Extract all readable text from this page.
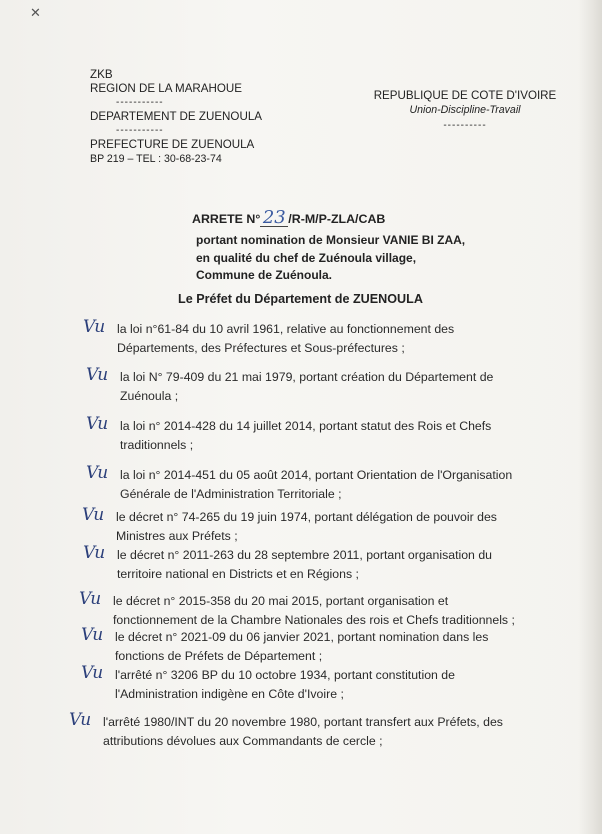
✕
ZKB
REGION DE LA MARAHOUE
-----------
DEPARTEMENT DE ZUENOULA
-----------
PREFECTURE DE ZUENOULA
BP 219 – TEL : 30-68-23-74
REPUBLIQUE DE COTE D'IVOIRE
Union-Discipline-Travail
----------
ARRETE N° 23 /R-M/P-ZLA/CAB
portant nomination de Monsieur VANIE BI ZAA,
en qualité du chef de Zuénoula village,
Commune de Zuénoula.
Le Préfet du Département de ZUENOULA
Vu la loi n°61-84 du 10 avril 1961, relative au fonctionnement des
Départements, des Préfectures et Sous-préfectures ;
Vu la loi N° 79-409 du 21 mai 1979, portant création du Département de
Zuénoula ;
Vu la loi n° 2014-428 du 14 juillet 2014, portant statut des Rois et Chefs
traditionnels ;
Vu la loi n° 2014-451 du 05 août 2014, portant Orientation de l'Organisation
Générale de l'Administration Territoriale ;
Vu le décret n° 74-265 du 19 juin 1974, portant délégation de pouvoir des
Ministres aux Préfets ;
Vu le décret n° 2011-263 du 28 septembre 2011, portant organisation du
territoire national en Districts et en Régions ;
Vu le décret n° 2015-358 du 20 mai 2015, portant organisation et
fonctionnement de la Chambre Nationales des rois et Chefs traditionnels ;
Vu le décret n° 2021-09 du 06 janvier 2021, portant nomination dans les
fonctions de Préfets de Département ;
Vu l'arrêté n° 3206 BP du 10 octobre 1934, portant constitution de
l'Administration indigène en Côte d'Ivoire ;
Vu l'arrêté 1980/INT du 20 novembre 1980, portant transfert aux Préfets, des
attributions dévolues aux Commandants de cercle ;
